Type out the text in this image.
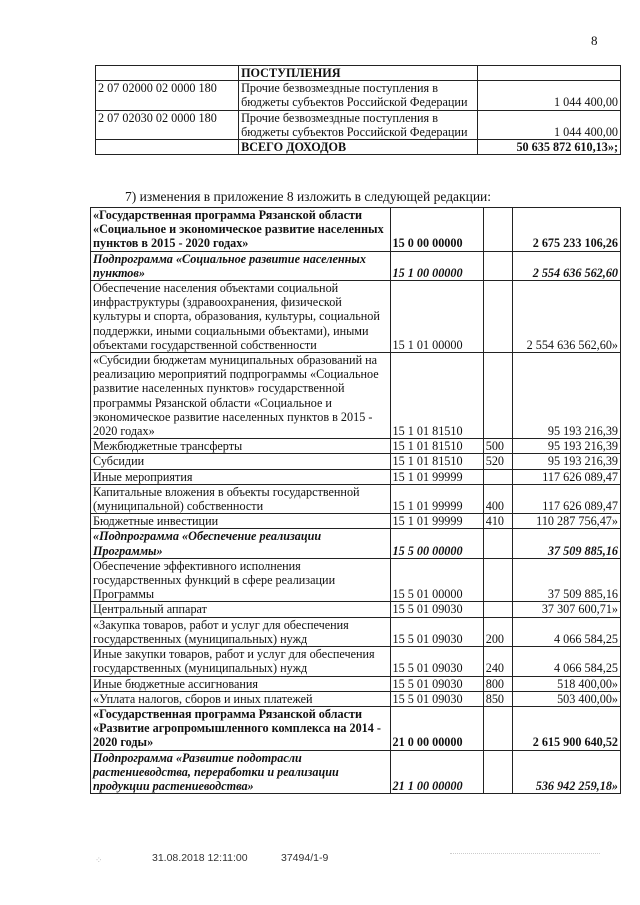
8
	ПОСТУПЛЕНИЯ	
2 07 02000 02 0000 180	Прочие безвозмездные поступления в бюджеты субъектов Российской Федерации	1 044 400,00
2 07 02030 02 0000 180	Прочие безвозмездные поступления в бюджеты субъектов Российской Федерации	1 044 400,00
	ВСЕГО ДОХОДОВ	50 635 872 610,13»;
7) изменения в приложение 8 изложить в следующей редакции:
«Государственная программа Рязанской области «Социальное и экономическое развитие населенных пунктов в 2015 - 2020 годах»	15 0 00 00000		2 675 233 106,26
Подпрограмма «Социальное развитие населенных пунктов»	15 1 00 00000		2 554 636 562,60
Обеспечение населения объектами социальной инфраструктуры (здравоохранения, физической культуры и спорта, образования, культуры, социальной поддержки, иными социальными объектами), иными объектами государственной собственности	15 1 01 00000		2 554 636 562,60»
«Субсидии бюджетам муниципальных образований на реализацию мероприятий подпрограммы «Социальное развитие населенных пунктов» государственной программы Рязанской области «Социальное и экономическое развитие населенных пунктов в 2015 - 2020 годах»	15 1 01 81510		95 193 216,39
Межбюджетные трансферты	15 1 01 81510	500	95 193 216,39
Субсидии	15 1 01 81510	520	95 193 216,39
Иные мероприятия	15 1 01 99999		117 626 089,47
Капитальные вложения в объекты государственной (муниципальной) собственности	15 1 01 99999	400	117 626 089,47
Бюджетные инвестиции	15 1 01 99999	410	110 287 756,47»
«Подпрограмма «Обеспечение реализации Программы»	15 5 00 00000		37 509 885,16
Обеспечение эффективного исполнения государственных функций в сфере реализации Программы	15 5 01 00000		37 509 885,16
Центральный аппарат	15 5 01 09030		37 307 600,71»
«Закупка товаров, работ и услуг для обеспечения государственных (муниципальных) нужд	15 5 01 09030	200	4 066 584,25
Иные закупки товаров, работ и услуг для обеспечения государственных (муниципальных) нужд	15 5 01 09030	240	4 066 584,25
Иные бюджетные ассигнования	15 5 01 09030	800	518 400,00»
«Уплата налогов, сборов и иных платежей	15 5 01 09030	850	503 400,00»
«Государственная программа Рязанской области «Развитие агропромышленного комплекса на 2014 - 2020 годы»	21 0 00 00000		2 615 900 640,52
Подпрограмма «Развитие подотрасли растениеводства, переработки и реализации продукции растениеводства»	21 1 00 00000		536 942 259,18»
⁘	31.08.2018 12:11:00	37494/1-9
